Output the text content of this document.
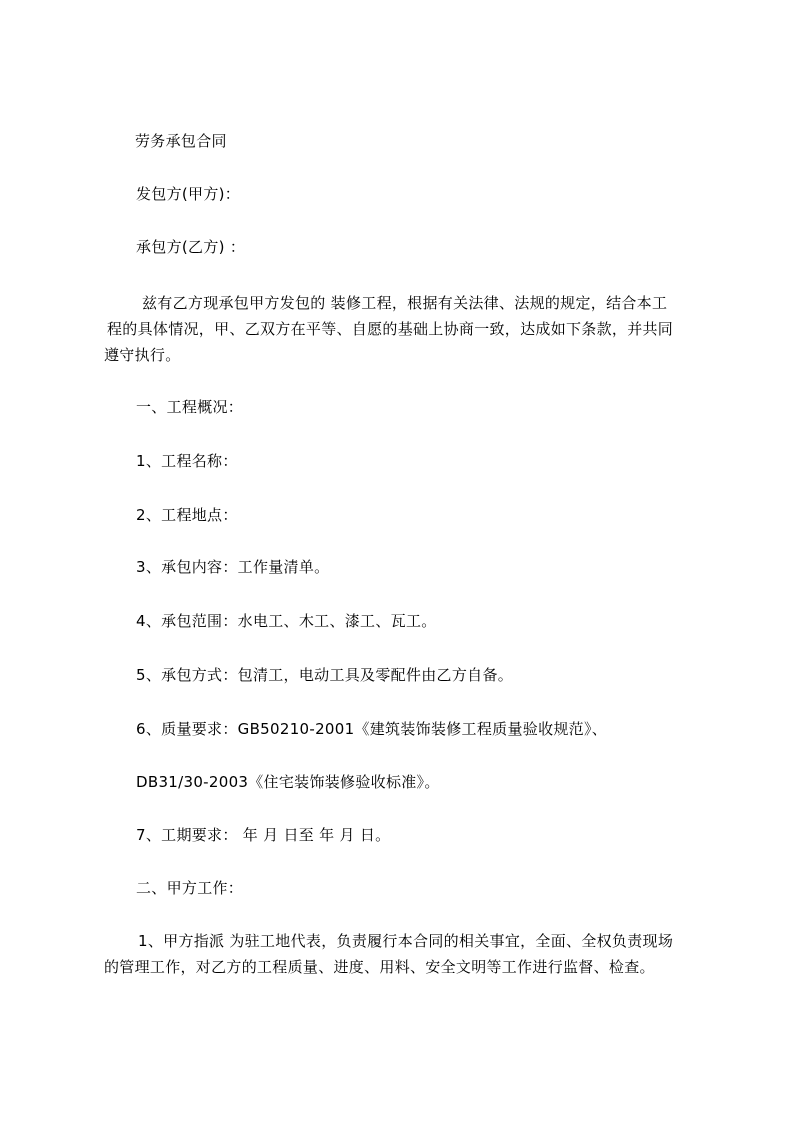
劳务承包合同
发包方(甲方)：
承包方(乙方) ：

兹有乙方现承包甲方发包的 装修工程，根据有关法律、法规的规定，结合本工

程的具体情况，甲、乙双方在平等、自愿的基础上协商一致，达成如下条款，并共同

遵守执行。

一、工程概况：
1、工程名称：
2、工程地点：
3、承包内容：工作量清单。
4、承包范围：水电工、木工、漆工、瓦工。
5、承包方式：包清工，电动工具及零配件由乙方自备。
6、质量要求：GB50210-2001《建筑装饰装修工程质量验收规范》、
DB31/30-2003《住宅装饰装修验收标准》。
7、工期要求： 年 月 日至 年 月 日。
二、甲方工作：

1、甲方指派 为驻工地代表，负责履行本合同的相关事宜，全面、全权负责现场

的管理工作，对乙方的工程质量、进度、用料、安全文明等工作进行监督、检查。
